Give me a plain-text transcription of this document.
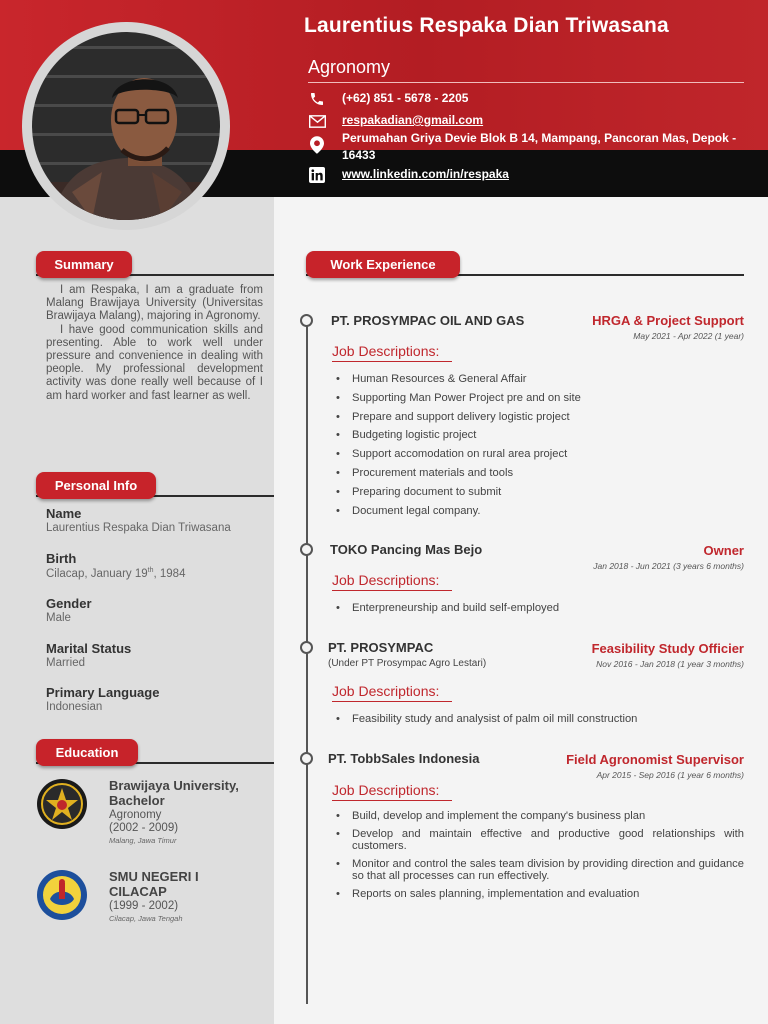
Laurentius Respaka Dian Triwasana
Agronomy
(+62) 851 - 5678 - 2205
respakadian@gmail.com
Perumahan Griya Devie Blok B 14, Mampang, Pancoran Mas, Depok - 16433
www.linkedin.com/in/respaka
Summary

I am Respaka, I am a graduate from Malang Brawijaya University (Universitas Brawijaya Malang), majoring in Agronomy.

I have good communication skills and presenting. Able to work well under pressure and convenience in dealing with people. My professional development activity was done really well because of I am hard worker and fast learner as well.

Personal Info
Name
Laurentius Respaka Dian Triwasana
Birth
Cilacap, January 19th, 1984
Gender
Male
Marital Status
Married
Primary Language
Indonesian
Education
Brawijaya University, Bachelor
Agronomy
(2002 - 2009)
Malang, Jawa Timur
SMU NEGERI I CILACAP
(1999 - 2002)
Cilacap, Jawa Tengah
Work Experience
PT. PROSYMPAC OIL AND GAS	HRGA & Project Support
May 2021 - Apr 2022 (1 year)
Job Descriptions:
• Human Resources & General Affair
• Supporting Man Power Project pre and on site
• Prepare and support delivery logistic project
• Budgeting logistic project
• Support accomodation on rural area project
• Procurement materials and tools
• Preparing document to submit
• Document legal company.
TOKO Pancing Mas Bejo	Owner
Jan 2018 - Jun 2021 (3 years 6 months)
Job Descriptions:
• Enterpreneurship and build self-employed
PT. PROSYMPAC
(Under PT Prosympac Agro Lestari)
Feasibility Study Officier
Nov 2016 - Jan 2018 (1 year 3 months)
Job Descriptions:
• Feasibility study and analysist of palm oil mill construction
PT. TobbSales Indonesia	Field Agronomist Supervisor
Apr 2015 - Sep 2016 (1 year 6 months)
Job Descriptions:
• Build, develop and implement the company's business plan
• Develop and maintain effective and productive good relationships with customers.
• Monitor and control the sales team division by providing direction and guidance so that all processes can run effectively.
• Reports on sales planning, implementation and evaluation
